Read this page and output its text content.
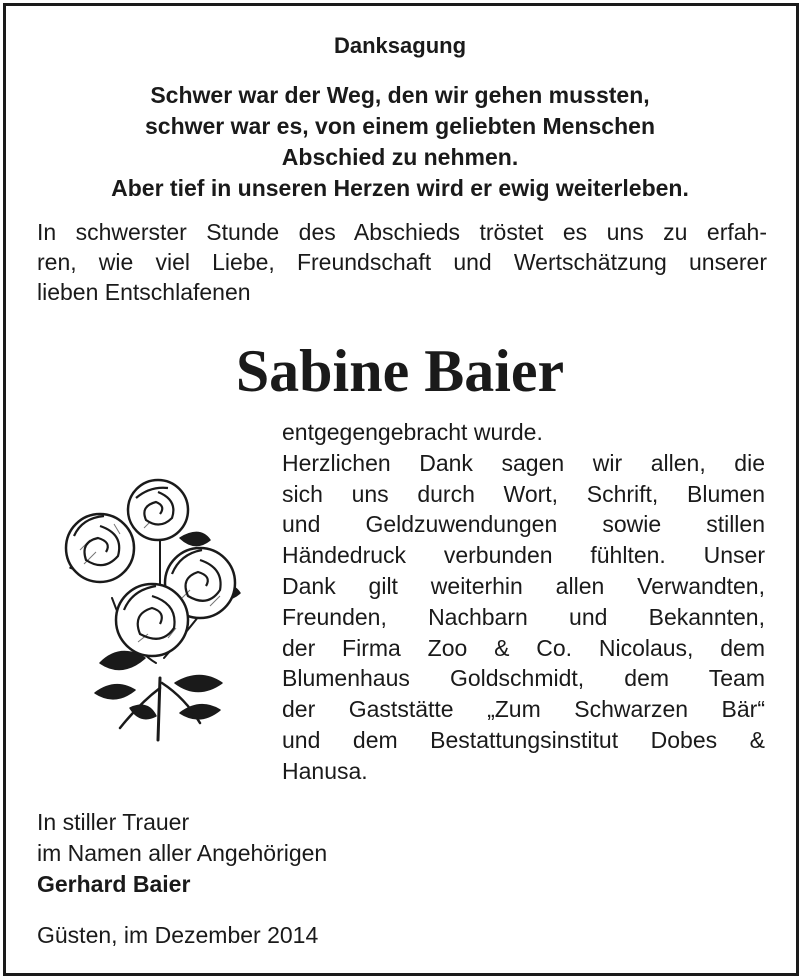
Danksagung
Schwer war der Weg, den wir gehen mussten,
schwer war es, von einem geliebten Menschen
Abschied zu nehmen.
Aber tief in unseren Herzen wird er ewig weiterleben.
In schwerster Stunde des Abschieds tröstet es uns zu erfah-
ren, wie viel Liebe, Freundschaft und Wertschätzung unserer
lieben Entschlafenen
Sabine Baier
entgegengebracht wurde.
Herzlichen Dank sagen wir allen, die
sich uns durch Wort, Schrift, Blumen
und Geldzuwendungen sowie stillen
Händedruck verbunden fühlten. Unser
Dank gilt weiterhin allen Verwandten,
Freunden, Nachbarn und Bekannten,
der Firma Zoo & Co. Nicolaus, dem
Blumenhaus Goldschmidt, dem Team
der Gaststätte „Zum Schwarzen Bär“
und dem Bestattungsinstitut Dobes &
Hanusa.
In stiller Trauer
im Namen aller Angehörigen
Gerhard Baier
Güsten, im Dezember 2014
